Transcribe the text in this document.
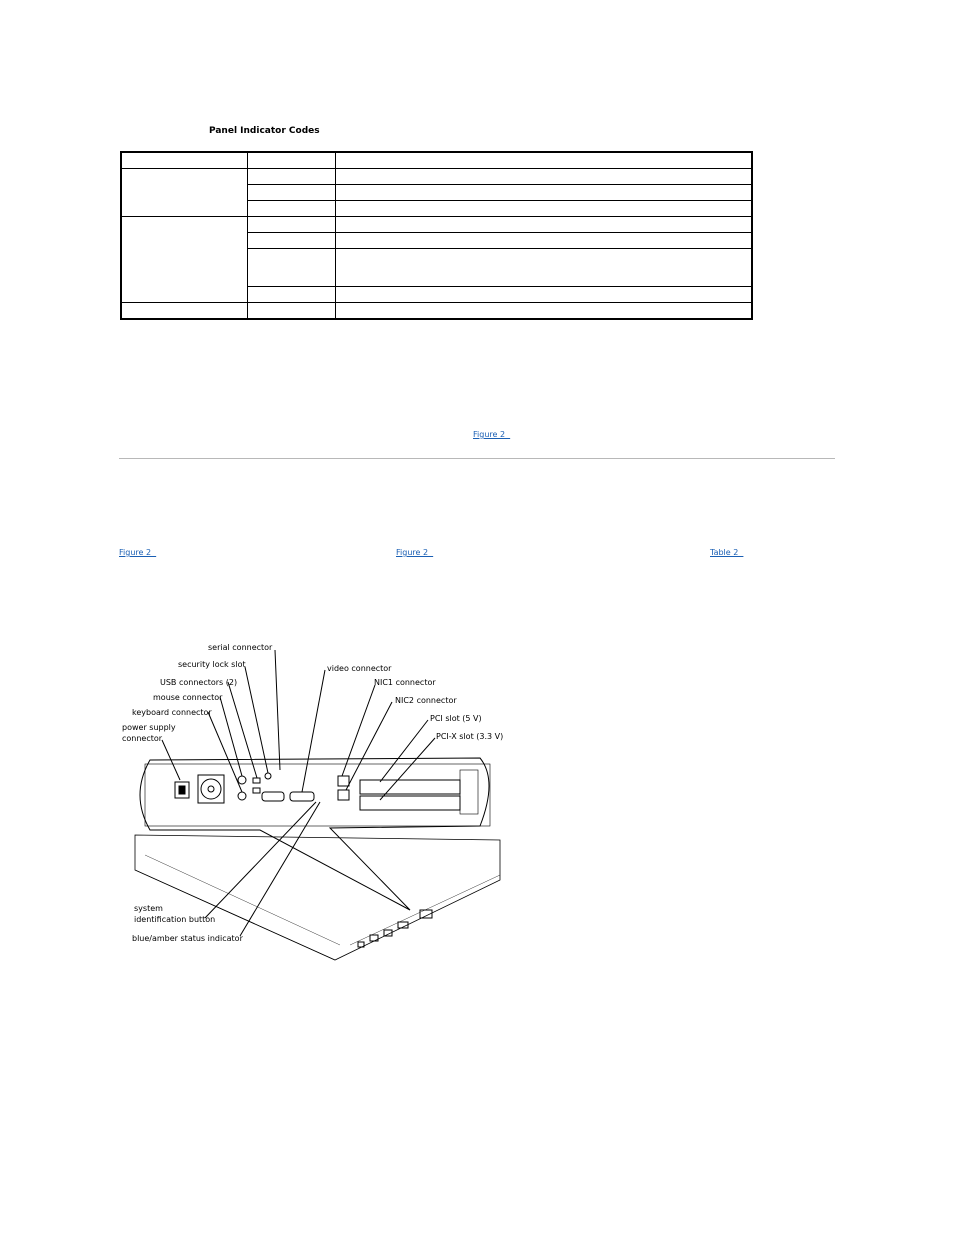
Panel Indicator Codes

Figure 2
Figure 2	Figure 2	Table 2
serial connector
security lock slot
USB connectors (2)
mouse connector
keyboard connector
power supply
connector
video connector
NIC1 connector
NIC2 connector
PCI slot (5 V)
PCI-X slot (3.3 V)
system
identification button
blue/amber status indicator
